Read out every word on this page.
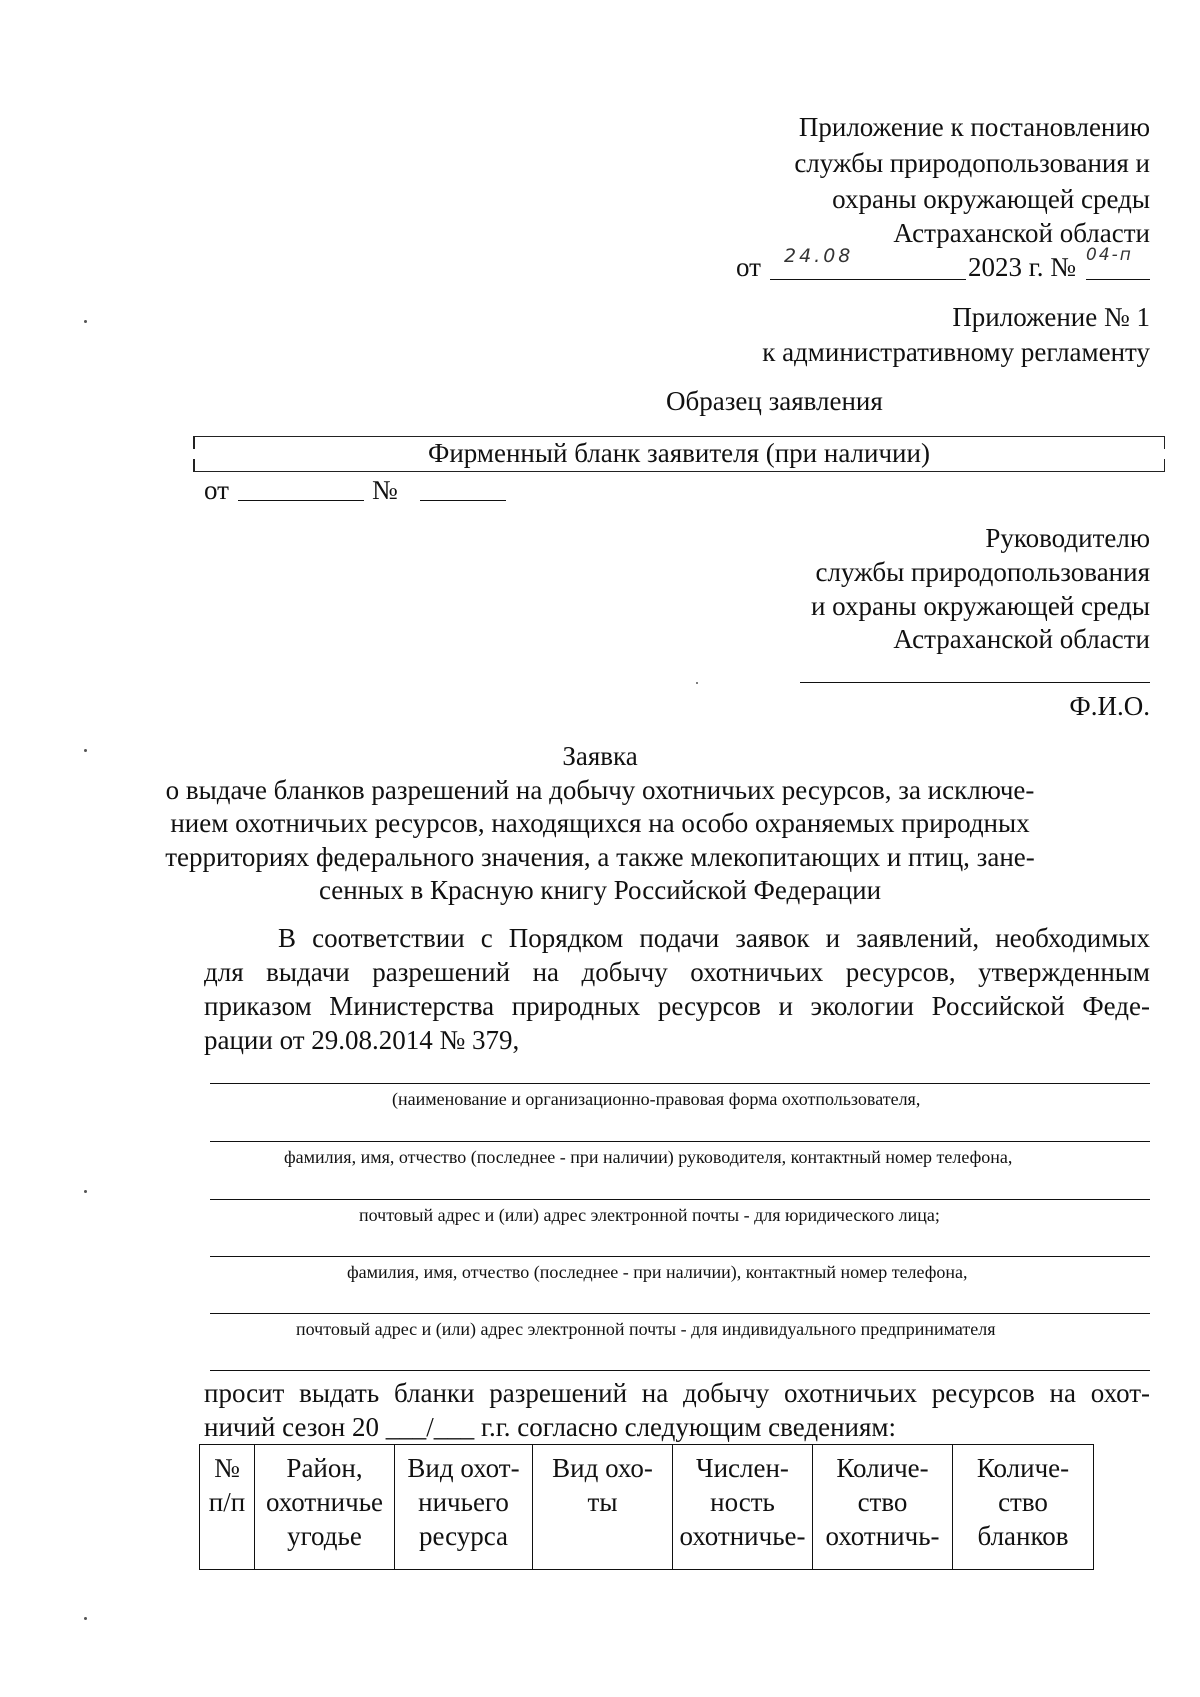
Приложение к постановлению
службы природопользования и
охраны окружающей среды
Астраханской области
от 24.08	2023 г. № 04-п
Приложение № 1
к административному регламенту
Образец заявления
Фирменный бланк заявителя (при наличии)
от	№
Руководителю
службы природопользования
и охраны окружающей среды
Астраханской области
Ф.И.О.
Заявка
о выдаче бланков разрешений на добычу охотничьих ресурсов, за исключе-
нием охотничьих ресурсов, находящихся на особо охраняемых природных
территориях федерального значения, а также млекопитающих и птиц, зане-
сенных в Красную книгу Российской Федерации
В соответствии с Порядком подачи заявок и заявлений, необходимых
для выдачи разрешений на добычу охотничьих ресурсов, утвержденным
приказом Министерства природных ресурсов и экологии Российской Феде-
рации от 29.08.2014 № 379,
(наименование и организационно-правовая форма охотпользователя,
фамилия, имя, отчество (последнее - при наличии) руководителя, контактный номер телефона,
почтовый адрес и (или) адрес электронной почты - для юридического лица;
фамилия, имя, отчество (последнее - при наличии), контактный номер телефона,
почтовый адрес и (или) адрес электронной почты - для индивидуального предпринимателя
просит выдать бланки разрешений на добычу охотничьих ресурсов на охот-
ничий сезон 20 ___/___ г.г. согласно следующим сведениям:
№
п/п

Район,
охотничье
угодье

Вид охот-
ничьего
ресурса

Вид охо-
ты

Числен-
ность
охотничье-

Количе-
ство
охотничь-

Количе-
ство
бланков
